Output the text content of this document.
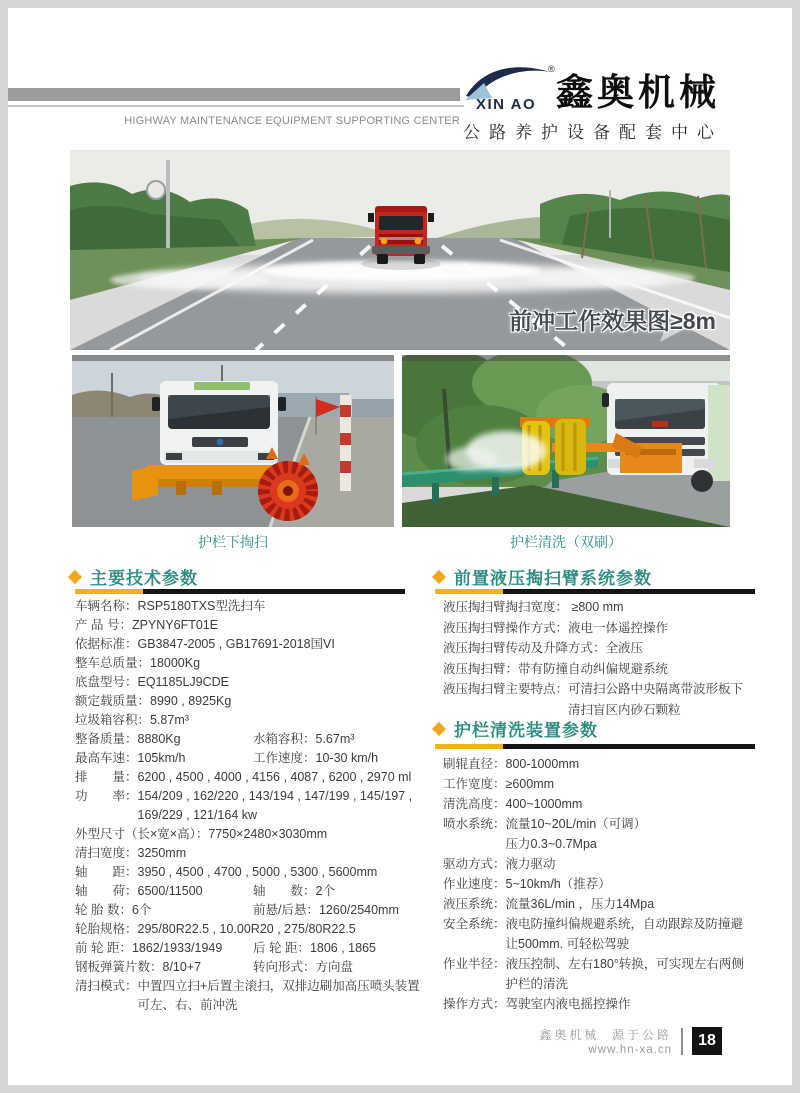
HIGHWAY MAINTENANCE EQUIPMENT SUPPORTING CENTER
XIN AO
®
鑫奥机械
公路养护设备配套中心
前冲工作效果图≥8m
护栏下掏扫	护栏清洗（双刷）
主要技术参数
车辆名称：RSP5180TXS型洗扫车
产 品 号：ZPYNY6FT01E
依据标准：GB3847-2005 , GB17691-2018国VI
整车总质量：18000Kg
底盘型号：EQ1185LJ9CDE
额定载质量：8990 , 8925Kg
垃圾箱容积：5.87m³
整备质量：8880Kg	水箱容积：5.67m³
最高车速：105km/h	工作速度：10-30 km/h
排　　量：6200 , 4500 , 4000 , 4156 , 4087 , 6200 , 2970 ml
功　　率：154/209 , 162/220 , 143/194 , 147/199 , 145/197 ,
　　　　　169/229 , 121/164 kw
外型尺寸（长×宽×高）：7750×2480×3030mm
清扫宽度：3250mm
轴　　距：3950 , 4500 , 4700 , 5000 , 5300 , 5600mm
轴　　荷：6500/11500	轴　　数：2个
轮 胎 数：6个	前悬/后悬：1260/2540mm
轮胎规格：295/80R22.5 , 10.00R20 , 275/80R22.5
前 轮 距：1862/1933/1949	后 轮 距：1806 , 1865
钢板弹簧片数：8/10+7	转向形式：方向盘
清扫模式：中置四立扫+后置主滚扫，双排边刷加高压喷头装置
　　　　　可左、右、前冲洗
前置液压掏扫臂系统参数
液压掏扫臂掏扫宽度： ≥800 mm
液压掏扫臂操作方式：液电一体遥控操作
液压掏扫臂传动及升降方式：全液压
液压掏扫臂：带有防撞自动纠偏规避系统
液压掏扫臂主要特点：可清扫公路中央隔离带波形板下
　　　　　　　　　　清扫盲区内砂石颗粒
护栏清洗装置参数
刷辊直径：800-1000mm
工作宽度：≥600mm
清洗高度：400~1000mm
喷水系统：流量10~20L/min（可调）
　　　　　压力0.3~0.7Mpa
驱动方式：液力驱动
作业速度：5~10km/h（推荐）
液压系统：流量36L/min ，压力14Mpa
安全系统：液电防撞纠偏规避系统，自动跟踪及防撞避
　　　　　让500mm. 可轻松驾驶
作业半径：液压控制、左右180°转换，可实现左右两侧
　　　　　护栏的清洗
操作方式：驾驶室内液电摇控操作
鑫奥机械  源于公路
www.hn-xa.cn
18
